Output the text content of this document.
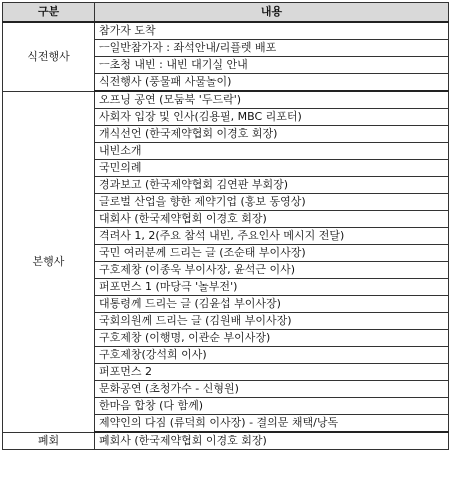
구분	내용
식전행사	참가자 도착
	ㅡ일반참가자 : 좌석안내/리플렛 배포
	ㅡ초청 내빈 : 내빈 대기실 안내
	식전행사 (풍물패 사물놀이)
본행사	오프닝 공연 (모둠북 '두드락')
	사회자 입장 및 인사(김용필, MBC 리포터)
	개식선언 (한국제약협회 이경호 회장)
	내빈소개
	국민의례
	경과보고 (한국제약협회 김연판 부회장)
	글로벌 산업을 향한 제약기업 (홍보 동영상)
	대회사 (한국제약협회 이경호 회장)
	격려사 1, 2(주요 참석 내빈, 주요인사 메시지 전달)
	국민 여러분께 드리는 글 (조순태 부이사장)
	구호제창 (이종욱 부이사장, 윤석근 이사)
	퍼포먼스 1 (마당극 '놀부전')
	대통령께 드리는 글 (김윤섭 부이사장)
	국회의원께 드리는 글 (김원배 부이사장)
	구호제창 (이행명, 이관순 부이사장)
	구호제창(강석희 이사)
	퍼포먼스 2
	문화공연 (초청가수 - 신형원)
	한마음 합창 (다 함께)
	제약인의 다짐 (류덕희 이사장) - 결의문 채택/낭독
폐회	폐회사 (한국제약협회 이경호 회장)
